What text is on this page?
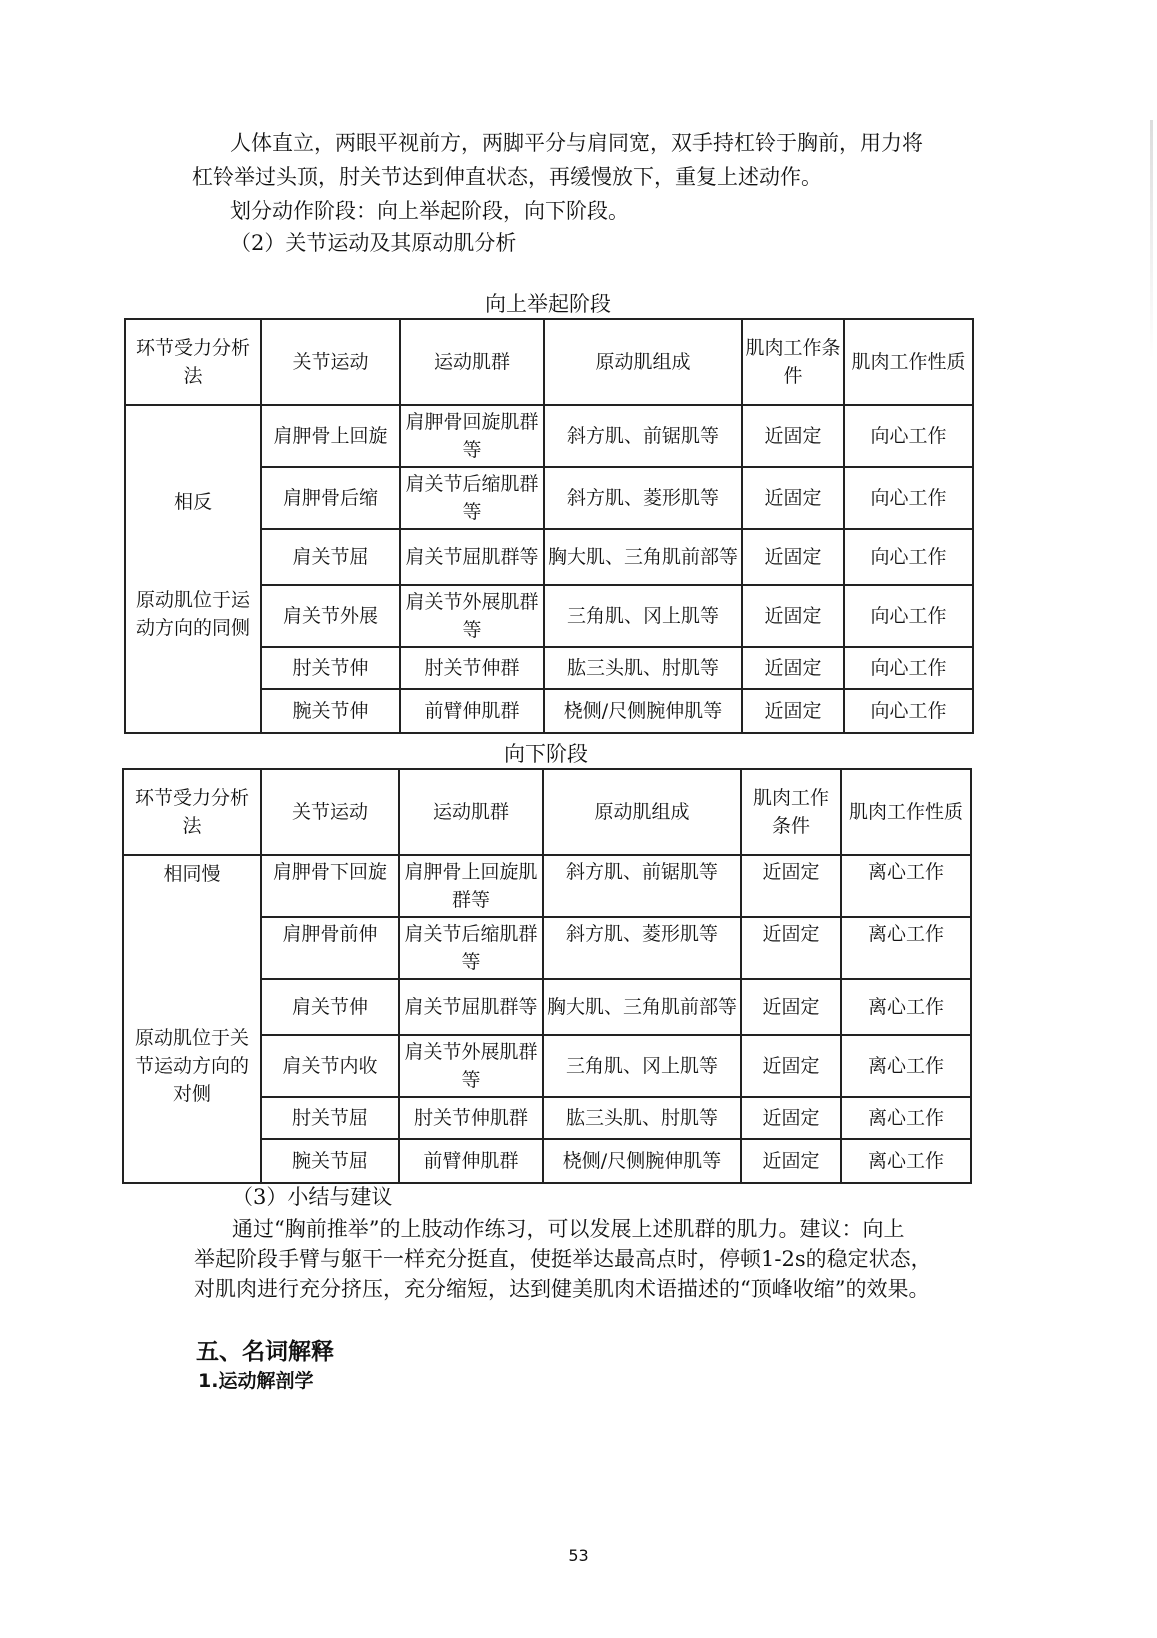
人体直立，两眼平视前方，两脚平分与肩同宽，双手持杠铃于胸前，用力将
杠铃举过头顶，肘关节达到伸直状态，再缓慢放下，重复上述动作。
划分动作阶段：向上举起阶段，向下阶段。
（2）关节运动及其原动肌分析
向上举起阶段
环节受力分析法	关节运动	运动肌群	原动肌组成	肌肉工作条件	肌肉工作性质

相反
原动肌位于运动方向的同侧	肩胛骨上回旋	肩胛骨回旋肌群等	斜方肌、前锯肌等	近固定	向心工作
	肩胛骨后缩	肩关节后缩肌群等	斜方肌、菱形肌等	近固定	向心工作
	肩关节屈	肩关节屈肌群等	胸大肌、三角肌前部等	近固定	向心工作
	肩关节外展	肩关节外展肌群等	三角肌、冈上肌等	近固定	向心工作
	肘关节伸	肘关节伸群	肱三头肌、肘肌等	近固定	向心工作
	腕关节伸	前臂伸肌群	桡侧/尺侧腕伸肌等	近固定	向心工作
向下阶段
环节受力分析法	关节运动	运动肌群	原动肌组成	肌肉工作条件	肌肉工作性质

相同慢
原动肌位于关节运动方向的对侧	肩胛骨下回旋	肩胛骨上回旋肌群等	斜方肌、前锯肌等	近固定	离心工作
	肩胛骨前伸	肩关节后缩肌群等	斜方肌、菱形肌等	近固定	离心工作
	肩关节伸	肩关节屈肌群等	胸大肌、三角肌前部等	近固定	离心工作
	肩关节内收	肩关节外展肌群等	三角肌、冈上肌等	近固定	离心工作
	肘关节屈	肘关节伸肌群	肱三头肌、肘肌等	近固定	离心工作
	腕关节屈	前臂伸肌群	桡侧/尺侧腕伸肌等	近固定	离心工作
（3）小结与建议
通过“胸前推举”的上肢动作练习，可以发展上述肌群的肌力。建议：向上
举起阶段手臂与躯干一样充分挺直，使挺举达最高点时，停顿1-2s的稳定状态，
对肌肉进行充分挤压，充分缩短，达到健美肌肉术语描述的“顶峰收缩”的效果。
五、名词解释
1.运动解剖学
53
